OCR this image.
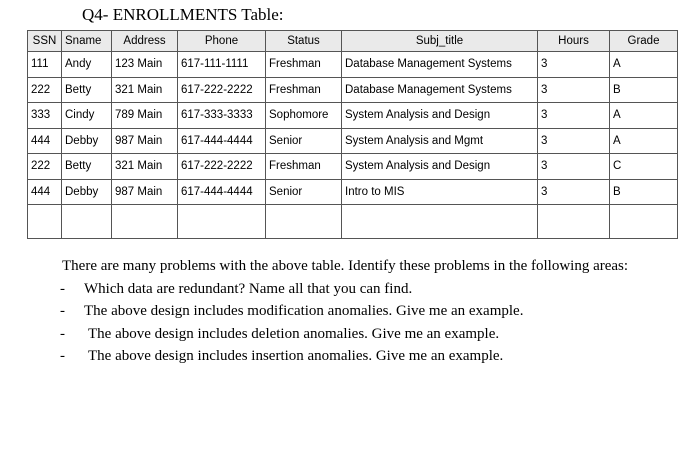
Q4- ENROLLMENTS Table:
SSN	Sname	Address	Phone	Status	Subj_title	Hours	Grade
111	Andy	123 Main	617-111-1111	Freshman	Database Management Systems	3	A
222	Betty	321 Main	617-222-2222	Freshman	Database Management Systems	3	B
333	Cindy	789 Main	617-333-3333	Sophomore	System Analysis and Design	3	A
444	Debby	987 Main	617-444-4444	Senior	System Analysis and Mgmt	3	A
222	Betty	321 Main	617-222-2222	Freshman	System Analysis and Design	3	C
444	Debby	987 Main	617-444-4444	Senior	Intro to MIS	3	B

There are many problems with the above table. Identify these problems in the following areas:

- Which data are redundant? Name all that you can find.
- The above design includes modification anomalies. Give me an example.
- The above design includes deletion anomalies. Give me an example.
- The above design includes insertion anomalies. Give me an example.
